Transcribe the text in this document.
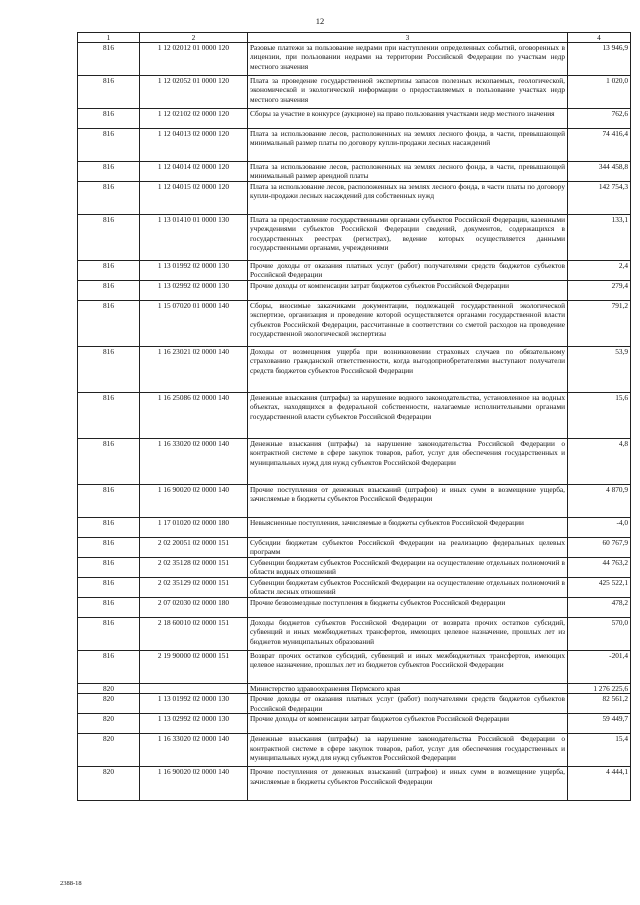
12
1	2	3	4
816	1 12 02012 01 0000 120	Разовые платежи за пользование недрами при наступлении определенных событий, оговоренных в лицензии, при пользовании недрами на территории Российской Федерации по участкам недр местного значения	13 946,9
816	1 12 02052 01 0000 120	Плата за проведение государственной экспертизы запасов полезных ископаемых, геологической, экономической и экологической информации о предоставляемых в пользование участках недр местного значения	1 020,0
816	1 12 02102 02 0000 120	Сборы за участие в конкурсе (аукционе) на право пользования участками недр местного значения	762,6
816	1 12 04013 02 0000 120	Плата за использование лесов, расположенных на землях лесного фонда, в части, превышающей минимальный размер платы по договору купли-продажи лесных насаждений	74 416,4
816	1 12 04014 02 0000 120	Плата за использование лесов, расположенных на землях лесного фонда, в части, превышающей минимальный размер арендной платы	344 458,8
816	1 12 04015 02 0000 120	Плата за использование лесов, расположенных на землях лесного фонда, в части платы по договору купли-продажи лесных насаждений для собственных нужд	142 754,3
816	1 13 01410 01 0000 130	Плата за предоставление государственными органами субъектов Российской Федерации, казенными учреждениями субъектов Российской Федерации сведений, документов, содержащихся в государственных реестрах (регистрах), ведение которых осуществляется данными государственными органами, учреждениями	133,1
816	1 13 01992 02 0000 130	Прочие доходы от оказания платных услуг (работ) получателями средств бюджетов субъектов Российской Федерации	2,4
816	1 13 02992 02 0000 130	Прочие доходы от компенсации затрат бюджетов субъектов Российской Федерации	279,4
816	1 15 07020 01 0000 140	Сборы, вносимые заказчиками документации, подлежащей государственной экологической экспертизе, организация и проведение которой осуществляется органами государственной власти субъектов Российской Федерации, рассчитанные в соответствии со сметой расходов на проведение государственной экологической экспертизы	791,2
816	1 16 23021 02 0000 140	Доходы от возмещения ущерба при возникновении страховых случаев по обязательному страхованию гражданской ответственности, когда выгодоприобретателями выступают получатели средств бюджетов субъектов Российской Федерации	53,9
816	1 16 25086 02 0000 140	Денежные взыскания (штрафы) за нарушение водного законодательства, установленное на водных объектах, находящихся в федеральной собственности, налагаемые исполнительными органами государственной власти субъектов Российской Федерации	15,6
816	1 16 33020 02 0000 140	Денежные взыскания (штрафы) за нарушение законодательства Российской Федерации о контрактной системе в сфере закупок товаров, работ, услуг для обеспечения государственных и муниципальных нужд для нужд субъектов Российской Федерации	4,8
816	1 16 90020 02 0000 140	Прочие поступления от денежных взысканий (штрафов) и иных сумм в возмещение ущерба, зачисляемые в бюджеты субъектов Российской Федерации	4 870,9
816	1 17 01020 02 0000 180	Невыясненные поступления, зачисляемые в бюджеты субъектов Российской Федерации	-4,0
816	2 02 20051 02 0000 151	Субсидии бюджетам субъектов Российской Федерации на реализацию федеральных целевых программ	60 767,9
816	2 02 35128 02 0000 151	Субвенции бюджетам субъектов Российской Федерации на осуществление отдельных полномочий в области водных отношений	44 763,2
816	2 02 35129 02 0000 151	Субвенции бюджетам субъектов Российской Федерации на осуществление отдельных полномочий в области лесных отношений	425 522,1
816	2 07 02030 02 0000 180	Прочие безвозмездные поступления в бюджеты субъектов Российской Федерации	478,2
816	2 18 60010 02 0000 151	Доходы бюджетов субъектов Российской Федерации от возврата прочих остатков субсидий, субвенций и иных межбюджетных трансфертов, имеющих целевое назначение, прошлых лет из бюджетов муниципальных образований	570,0
816	2 19 90000 02 0000 151	Возврат прочих остатков субсидий, субвенций и иных межбюджетных трансфертов, имеющих целевое назначение, прошлых лет из бюджетов субъектов Российской Федерации	-201,4
820		Министерство здравоохранения Пермского края	1 276 225,6
820	1 13 01992 02 0000 130	Прочие доходы от оказания платных услуг (работ) получателями средств бюджетов субъектов Российской Федерации	82 561,2
820	1 13 02992 02 0000 130	Прочие доходы от компенсации затрат бюджетов субъектов Российской Федерации	59 449,7
820	1 16 33020 02 0000 140	Денежные взыскания (штрафы) за нарушение законодательства Российской Федерации о контрактной системе в сфере закупок товаров, работ, услуг для обеспечения государственных и муниципальных нужд для нужд субъектов Российской Федерации	15,4
820	1 16 90020 02 0000 140	Прочие поступления от денежных взысканий (штрафов) и иных сумм в возмещение ущерба, зачисляемые в бюджеты субъектов Российской Федерации	4 444,1
2388-18
